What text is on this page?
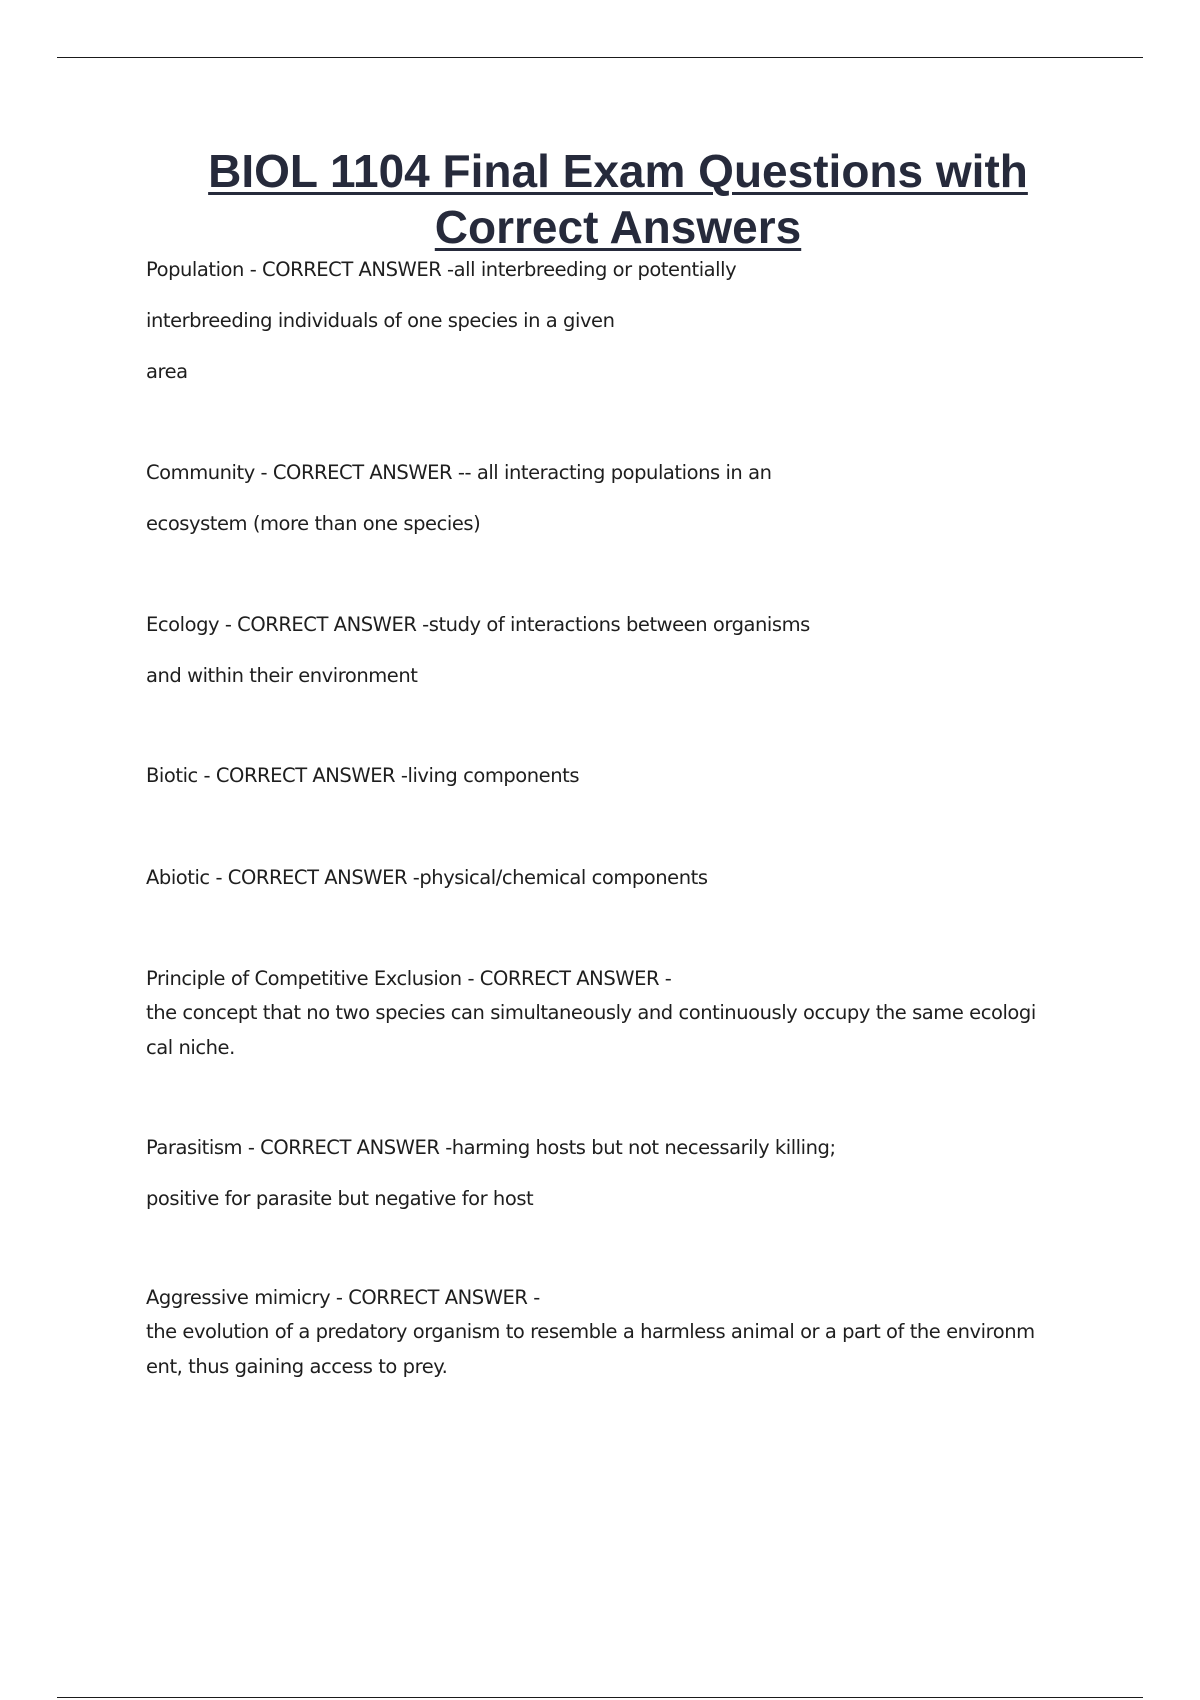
BIOL 1104 Final Exam Questions with
Correct Answers

Population - CORRECT ANSWER -all interbreeding or potentially

interbreeding individuals of one species in a given

area

Community - CORRECT ANSWER -- all interacting populations in an

ecosystem (more than one species)

Ecology - CORRECT ANSWER -study of interactions between organisms

and within their environment

Biotic - CORRECT ANSWER -living components

Abiotic - CORRECT ANSWER -physical/chemical components

Principle of Competitive Exclusion - CORRECT ANSWER -

the concept that no two species can simultaneously and continuously occupy the same ecologi

cal niche.

Parasitism - CORRECT ANSWER -harming hosts but not necessarily killing;

positive for parasite but negative for host

Aggressive mimicry - CORRECT ANSWER -

the evolution of a predatory organism to resemble a harmless animal or a part of the environm

ent, thus gaining access to prey.
